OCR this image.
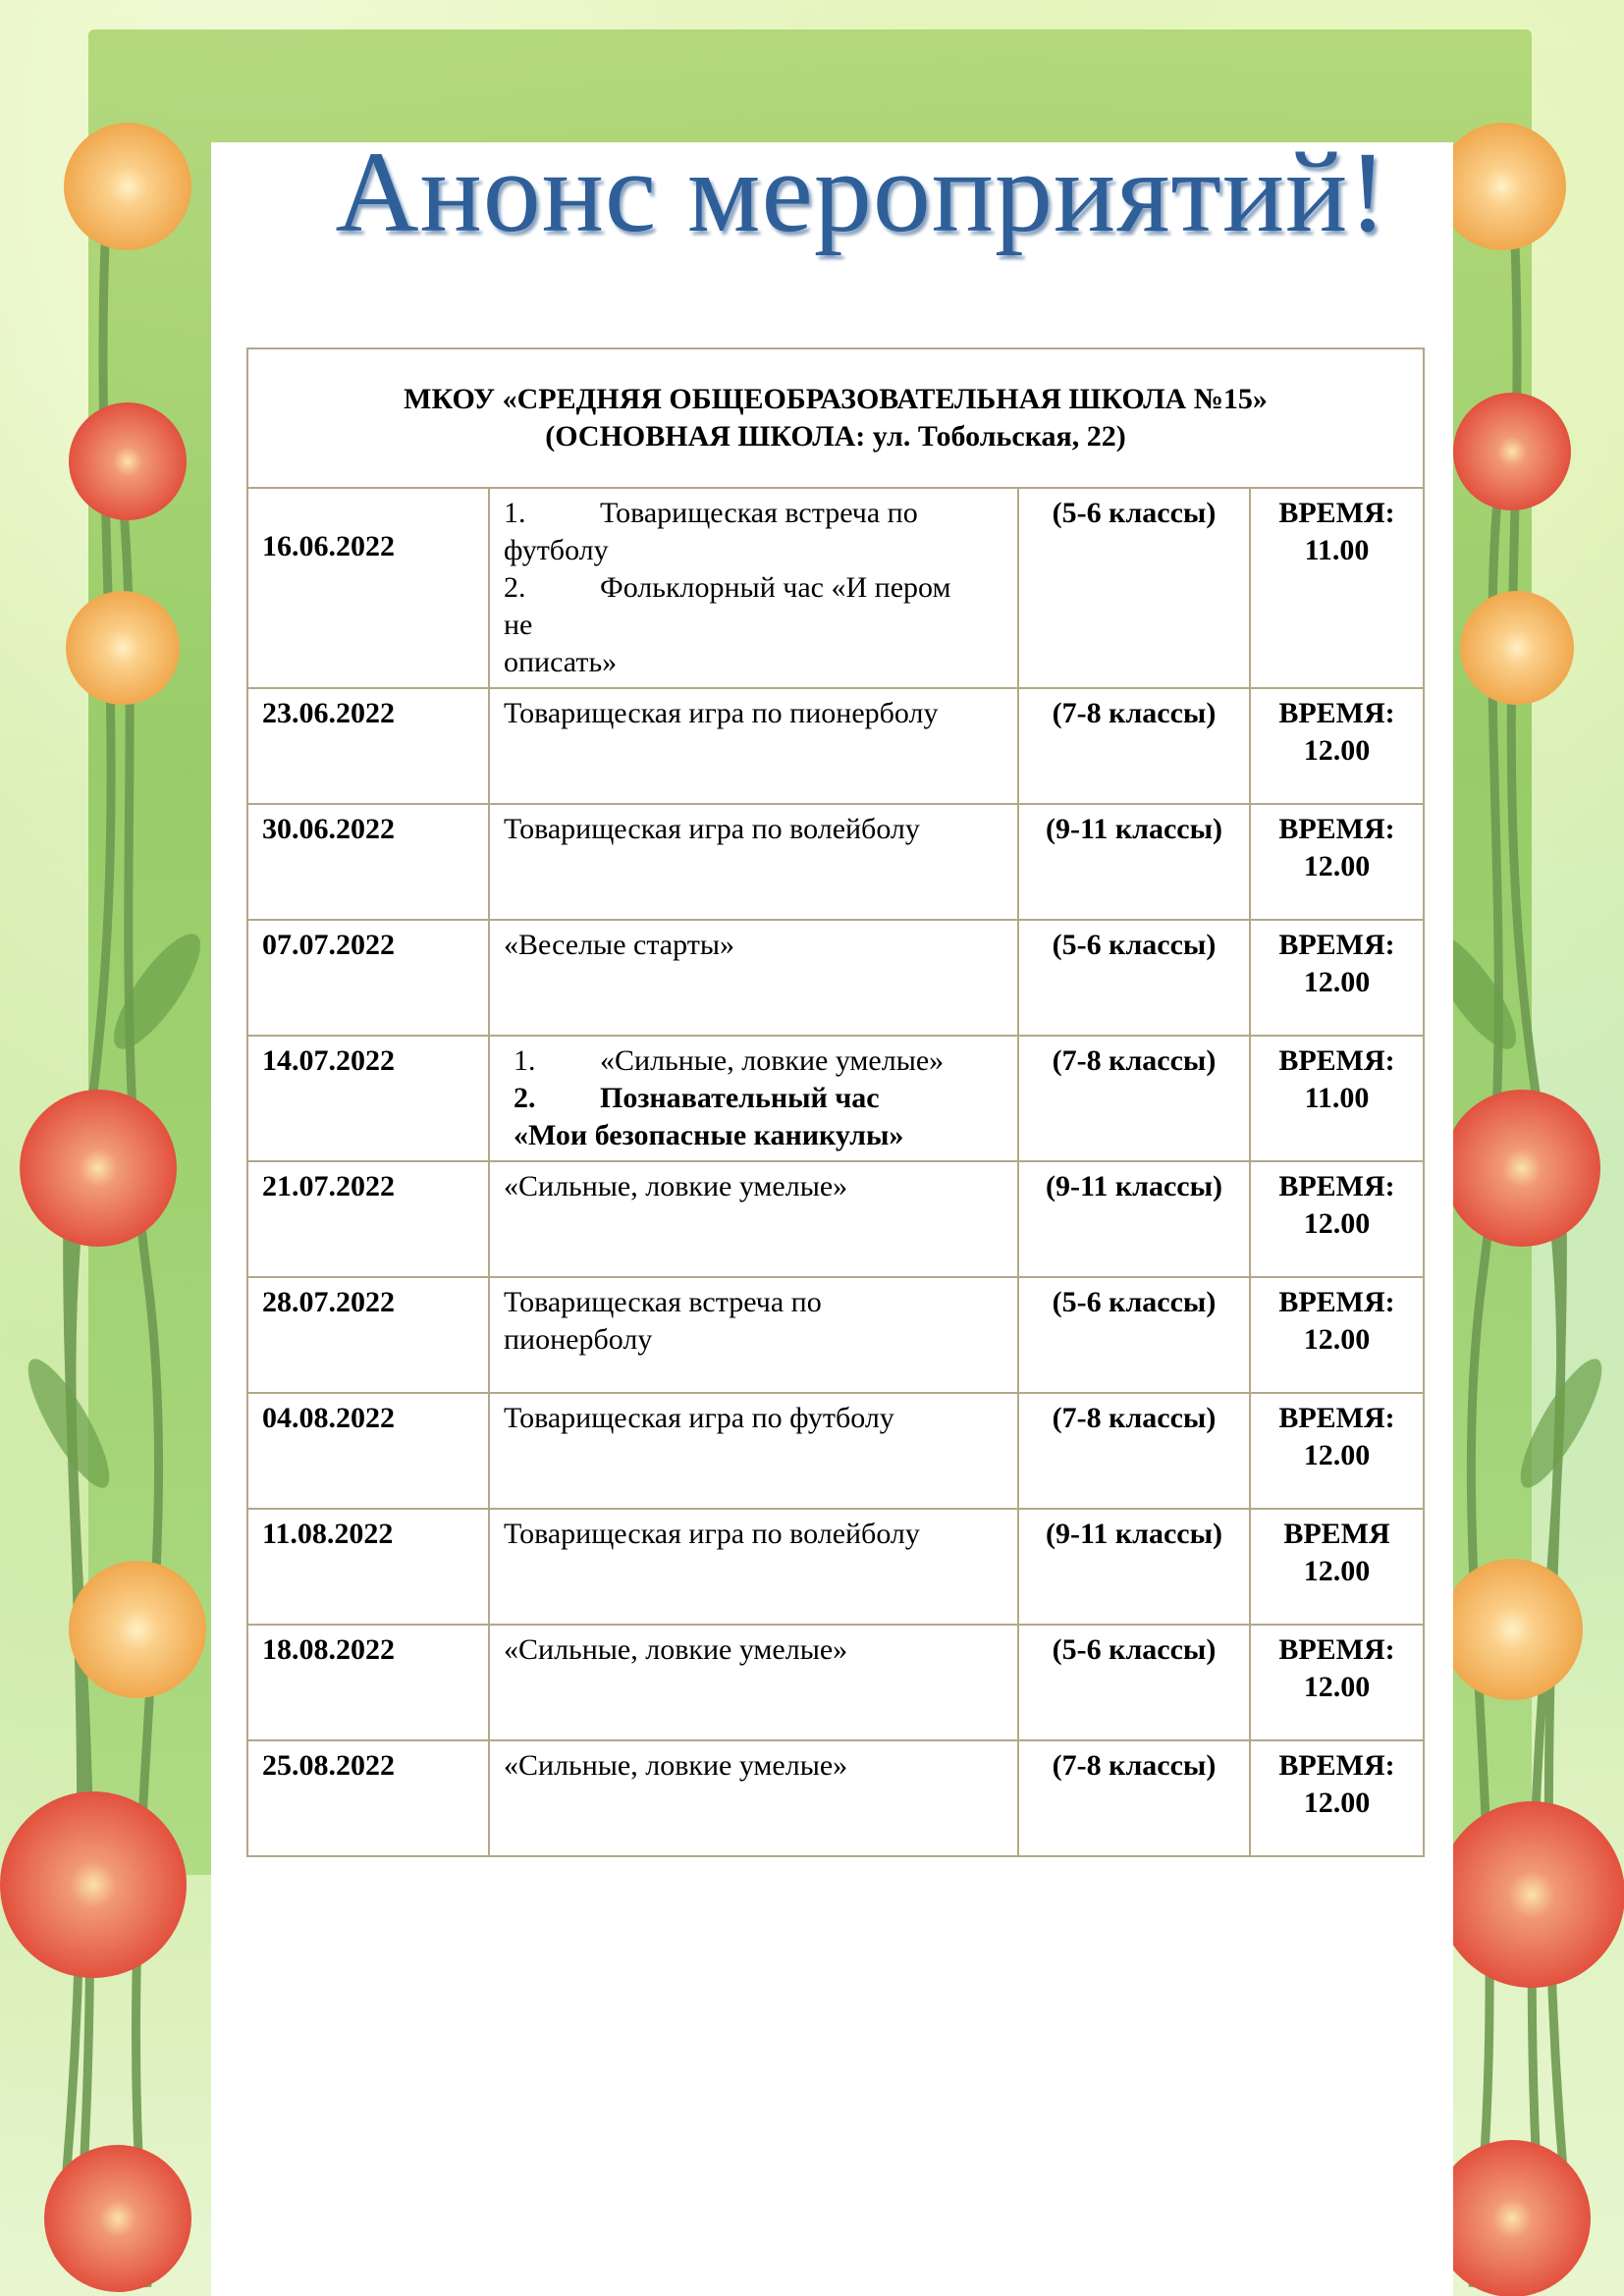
Анонс мероприятий!
МКОУ «СРЕДНЯЯ ОБЩЕОБРАЗОВАТЕЛЬНАЯ ШКОЛА №15»
(ОСНОВНАЯ ШКОЛА: ул. Тобольская, 22)			

16.06.2022	1. Товарищеская встреча по
футболу
2. Фольклорный час «И пером
не
описать»	(5-6 классы)	ВРЕМЯ:
11.00

23.06.2022	Товарищеская игра по пионерболу	(7-8 классы)	ВРЕМЯ:
12.00

30.06.2022	Товарищеская игра по волейболу	(9-11 классы)	ВРЕМЯ:
12.00

07.07.2022	«Веселые старты»	(5-6 классы)	ВРЕМЯ:
12.00

14.07.2022	1. «Сильные, ловкие умелые»
2. Познавательный час
«Мои безопасные каникулы»	(7-8 классы)	ВРЕМЯ:
11.00

21.07.2022	«Сильные, ловкие умелые»	(9-11 классы)	ВРЕМЯ:
12.00

28.07.2022	Товарищеская встреча по
пионерболу	(5-6 классы)	ВРЕМЯ:
12.00

04.08.2022	Товарищеская игра по футболу	(7-8 классы)	ВРЕМЯ:
12.00

11.08.2022	Товарищеская игра по волейболу	(9-11 классы)	ВРЕМЯ
12.00

18.08.2022	«Сильные, ловкие умелые»	(5-6 классы)	ВРЕМЯ:
12.00

25.08.2022	«Сильные, ловкие умелые»	(7-8 классы)	ВРЕМЯ:
12.00
